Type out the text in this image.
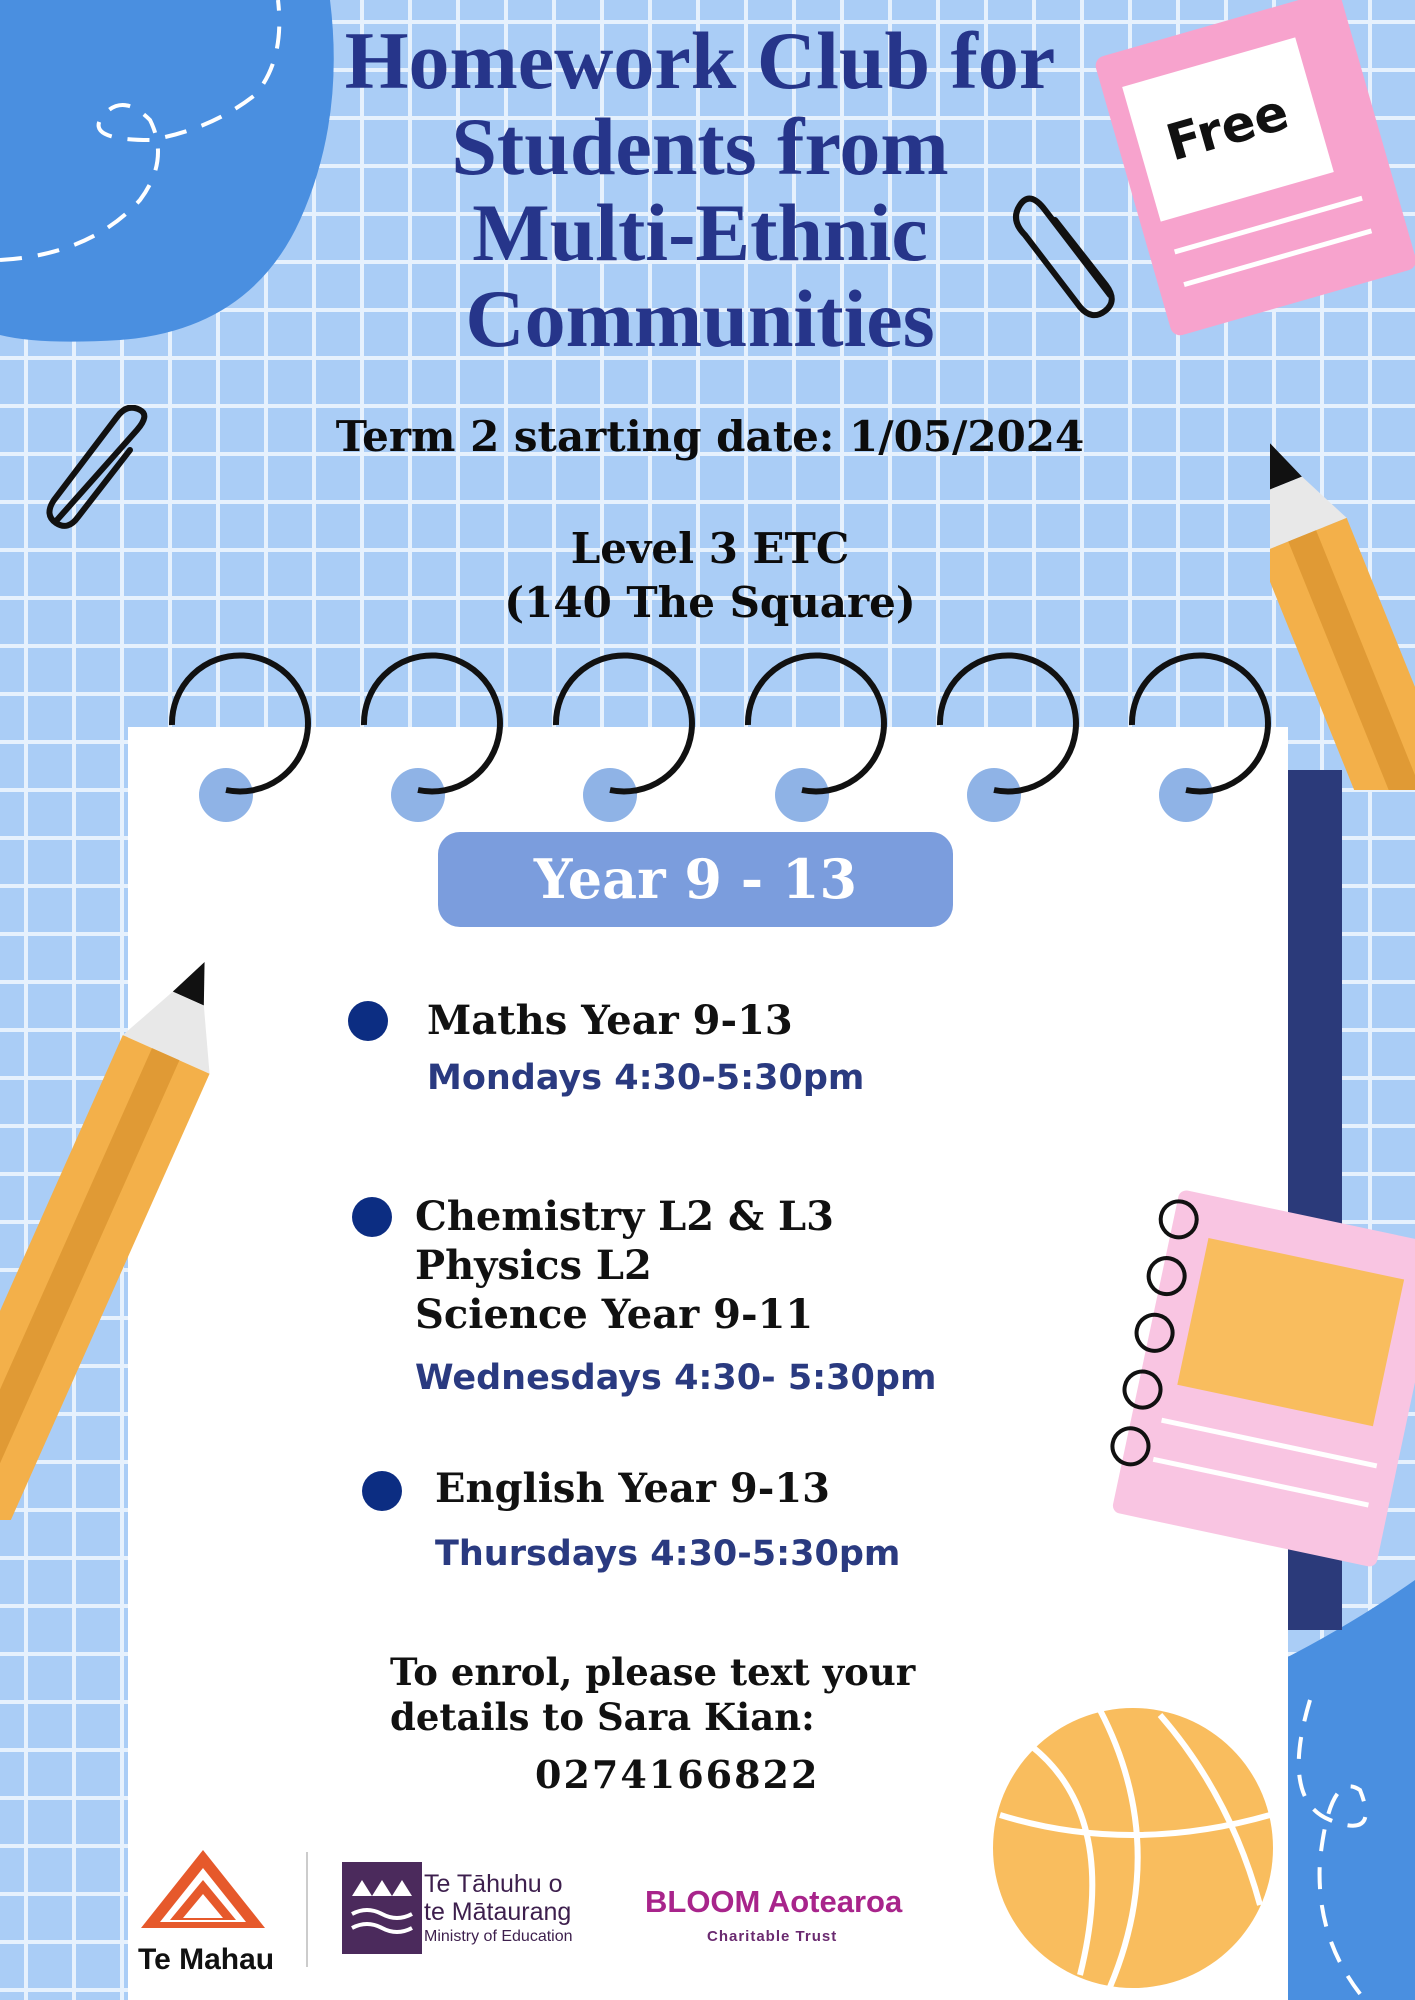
Homework Club for
Students from
Multi-Ethnic
Communities
Free
Term 2 starting date: 1/05/2024
Level 3 ETC
(140 The Square)
Year 9 - 13
Maths Year 9-13
Mondays 4:30-5:30pm
Chemistry L2 & L3
Physics L2
Science Year 9-11
Wednesdays 4:30- 5:30pm
English Year 9-13
Thursdays 4:30-5:30pm
To enrol, please text your
details to Sara Kian:
0274166822
Te Mahau
Te Tāhuhu o
te Mātaurang
Ministry of Education
BLOOM Aotearoa
Charitable Trust
